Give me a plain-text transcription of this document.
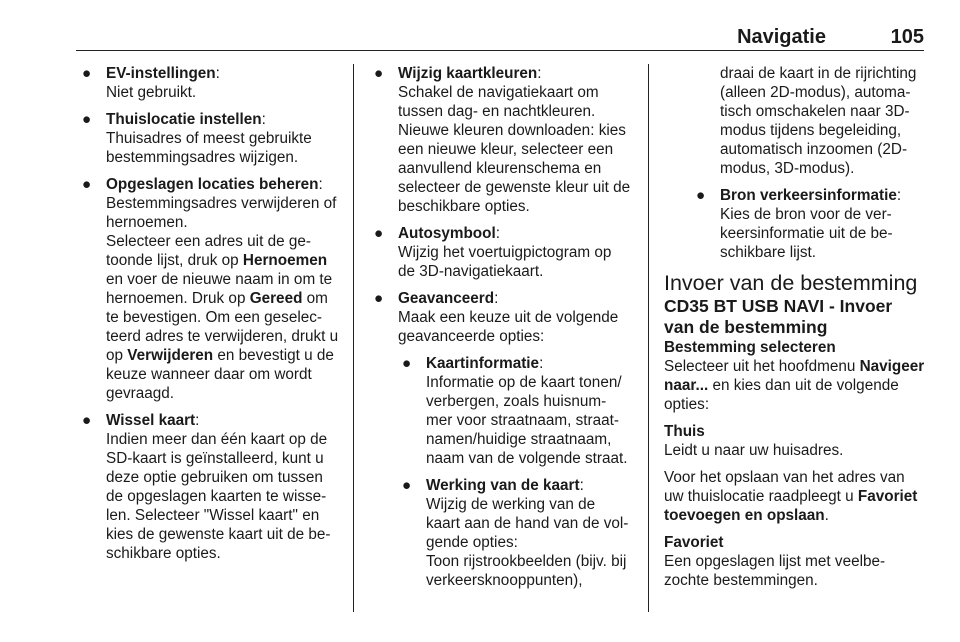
Navigatie	105
● EV-instellingen:

Niet gebruikt.

● Thuislocatie instellen:

Thuisadres of meest gebruikte bestemmingsadres wijzigen.

● Opgeslagen locaties beheren:

Bestemmingsadres verwijderen of hernoemen.

Selecteer een adres uit de ge- toonde lijst, druk op Hernoemen en voer de nieuwe naam in om te hernoemen. Druk op Gereed om te bevestigen. Om een geselec- teerd adres te verwijderen, drukt u op Verwijderen en bevestigt u de keuze wanneer daar om wordt gevraagd.

● Wissel kaart:

Indien meer dan één kaart op de SD-kaart is geïnstalleerd, kunt u deze optie gebruiken om tussen de opgeslagen kaarten te wisse- len. Selecteer "Wissel kaart" en kies de gewenste kaart uit de be- schikbare opties.

● Wijzig kaartkleuren:

Schakel de navigatiekaart om tussen dag- en nachtkleuren.

Nieuwe kleuren downloaden: kies een nieuwe kleur, selecteer een aanvullend kleurenschema en selecteer de gewenste kleur uit de beschikbare opties.

● Autosymbool:

Wijzig het voertuigpictogram op de 3D-navigatiekaart.

● Geavanceerd:

Maak een keuze uit de volgende geavanceerde opties:

● Kaartinformatie:

Informatie op de kaart tonen/ verbergen, zoals huisnum- mer voor straatnaam, straat- namen/huidige straatnaam, naam van de volgende straat.

● Werking van de kaart:

Wijzig de werking van de kaart aan de hand van de vol- gende opties:

Toon rijstrookbeelden (bijv. bij verkeersknooppunten),

draai de kaart in de rijrichting (alleen 2D-modus), automa- tisch omschakelen naar 3D- modus tijdens begeleiding, automatisch inzoomen (2D- modus, 3D-modus).

● Bron verkeersinformatie:

Kies de bron voor de ver- keersinformatie uit de be- schikbare lijst.

Invoer van de bestemming

CD35 BT USB NAVI - Invoer van de bestemming

Bestemming selecteren

Selecteer uit het hoofdmenu Navigeer naar... en kies dan uit de volgende opties:

Thuis

Leidt u naar uw huisadres.

Voor het opslaan van het adres van uw thuislocatie raadpleegt u Favoriet toevoegen en opslaan.

Favoriet

Een opgeslagen lijst met veelbe- zochte bestemmingen.
